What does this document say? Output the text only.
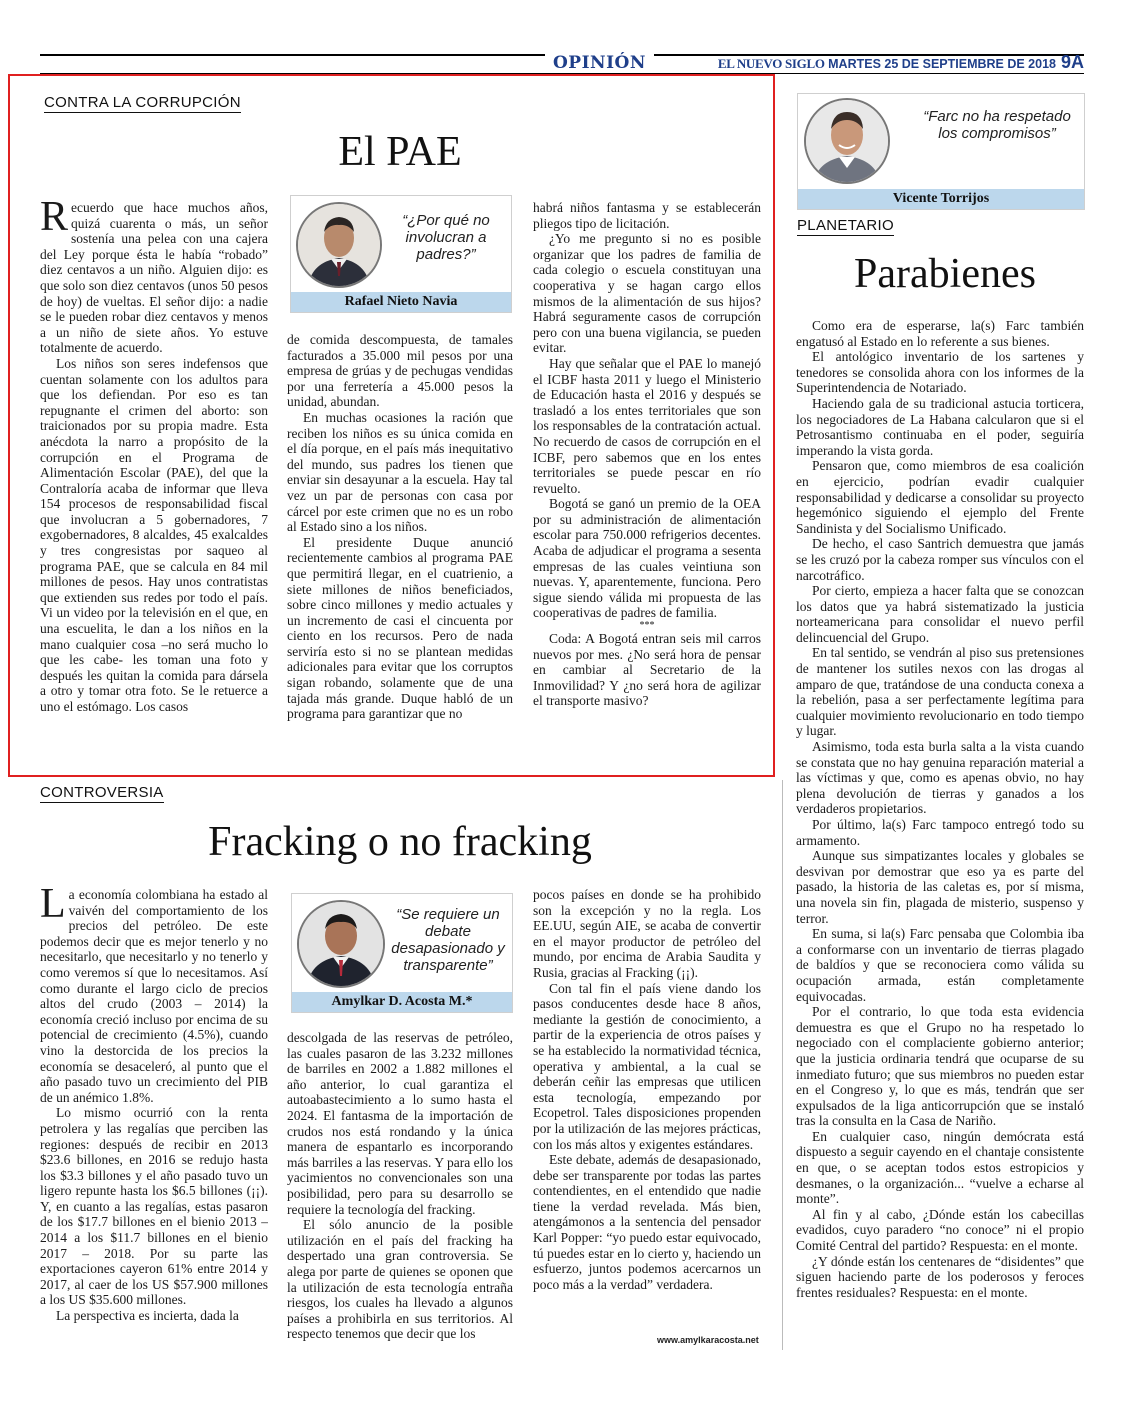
OPINIÓN	EL NUEVO SIGLO MARTES 25 DE SEPTIEMBRE DE 2018 9A
CONTRA LA CORRUPCIÓN
El PAE

Recuerdo que hace muchos años, quizá cuarenta o más, un señor sostenía una pelea con una cajera del Ley porque ésta le había “robado” diez centavos a un niño. Alguien dijo: es que solo son diez centavos (unos 50 pesos de hoy) de vueltas. El señor dijo: a nadie se le pueden robar diez centavos y menos a un niño de siete años. Yo estuve totalmente de acuerdo.

Los niños son seres indefensos que cuentan solamente con los adultos para que los defiendan. Por eso es tan repugnante el crimen del aborto: son traicionados por su propia madre. Esta anécdota la narro a propósito de la corrupción en el Programa de Alimentación Escolar (PAE), del que la Contraloría acaba de informar que lleva 154 procesos de responsabilidad fiscal que involucran a 5 gobernadores, 7 exgobernadores, 8 alcaldes, 45 exalcaldes y tres congresistas por saqueo al programa PAE, que se calcula en 84 mil millones de pesos. Hay unos contratistas que extienden sus redes por todo el país. Vi un video por la televisión en el que, en una escuelita, le dan a los niños en la mano cualquier cosa –no será mucho lo que les cabe- les toman una foto y después les quitan la comida para dársela a otro y tomar otra foto. Se le retuerce a uno el estómago. Los casos

“¿Por qué no involucran a padres?”
Rafael Nieto Navia

de comida descompuesta, de tamales facturados a 35.000 mil pesos por una empresa de grúas y de pechugas vendidas por una ferretería a 45.000 pesos la unidad, abundan.

En muchas ocasiones la ración que reciben los niños es su única comida en el día porque, en el país más inequitativo del mundo, sus padres los tienen que enviar sin desayunar a la escuela. Hay tal vez un par de personas con casa por cárcel por este crimen que no es un robo al Estado sino a los niños.

El presidente Duque anunció recientemente cambios al programa PAE que permitirá llegar, en el cuatrienio, a siete millones de niños beneficiados, sobre cinco millones y medio actuales y un incremento de casi el cincuenta por ciento en los recursos. Pero de nada serviría esto si no se plantean medidas adicionales para evitar que los corruptos sigan robando, solamente que de una tajada más grande. Duque habló de un programa para garantizar que no

habrá niños fantasma y se establecerán pliegos tipo de licitación.

¿Yo me pregunto si no es posible organizar que los padres de familia de cada colegio o escuela constituyan una cooperativa y se hagan cargo ellos mismos de la alimentación de sus hijos? Habrá seguramente casos de corrupción pero con una buena vigilancia, se pueden evitar.

Hay que señalar que el PAE lo manejó el ICBF hasta 2011 y luego el Ministerio de Educación hasta el 2016 y después se trasladó a los entes territoriales que son los responsables de la contratación actual. No recuerdo de casos de corrupción en el ICBF, pero sabemos que en los entes territoriales se puede pescar en río revuelto.

Bogotá se ganó un premio de la OEA por su administración de alimentación escolar para 750.000 refrigerios decentes. Acaba de adjudicar el programa a sesenta empresas de las cuales veintiuna son nuevas. Y, aparentemente, funciona. Pero sigue siendo válida mi propuesta de las cooperativas de padres de familia.

***

Coda: A Bogotá entran seis mil carros nuevos por mes. ¿No será hora de pensar en cambiar al Secretario de la Inmovilidad? Y ¿no será hora de agilizar el transporte masivo?

CONTROVERSIA
Fracking o no fracking

La economía colombiana ha estado al vaivén del comportamiento de los precios del petróleo. De este podemos decir que es mejor tenerlo y no necesitarlo, que necesitarlo y no tenerlo y como veremos sí que lo necesitamos. Así como durante el largo ciclo de precios altos del crudo (2003 – 2014) la economía creció incluso por encima de su potencial de crecimiento (4.5%), cuando vino la destorcida de los precios la economía se desaceleró, al punto que el año pasado tuvo un crecimiento del PIB de un anémico 1.8%.

Lo mismo ocurrió con la renta petrolera y las regalías que perciben las regiones: después de recibir en 2013 $23.6 billones, en 2016 se redujo hasta los $3.3 billones y el año pasado tuvo un ligero repunte hasta los $6.5 billones (¡¡). Y, en cuanto a las regalías, estas pasaron de los $17.7 billones en el bienio 2013 – 2014 a los $11.7 billones en el bienio 2017 – 2018. Por su parte las exportaciones cayeron 61% entre 2014 y 2017, al caer de los US $57.900 millones a los US $35.600 millones.

La perspectiva es incierta, dada la

“Se requiere un debate desapasionado y transparente”
Amylkar D. Acosta M.*

descolgada de las reservas de petróleo, las cuales pasaron de las 3.232 millones de barriles en 2002 a 1.882 millones el año anterior, lo cual garantiza el autoabastecimiento a lo sumo hasta el 2024. El fantasma de la importación de crudos nos está rondando y la única manera de espantarlo es incorporando más barriles a las reservas. Y para ello los yacimientos no convencionales son una posibilidad, pero para su desarrollo se requiere la tecnología del fracking.

El sólo anuncio de la posible utilización en el país del fracking ha despertado una gran controversia. Se alega por parte de quienes se oponen que la utilización de esta tecnología entraña riesgos, los cuales ha llevado a algunos países a prohibirla en sus territorios. Al respecto tenemos que decir que los

pocos países en donde se ha prohibido son la excepción y no la regla. Los EE.UU, según AIE, se acaba de convertir en el mayor productor de petróleo del mundo, por encima de Arabia Saudita y Rusia, gracias al Fracking (¡¡).

Con tal fin el país viene dando los pasos conducentes desde hace 8 años, mediante la gestión de conocimiento, a partir de la experiencia de otros países y se ha establecido la normatividad técnica, operativa y ambiental, a la cual se deberán ceñir las empresas que utilicen esta tecnología, empezando por Ecopetrol. Tales disposiciones propenden por la utilización de las mejores prácticas, con los más altos y exigentes estándares.

Este debate, además de desapasionado, debe ser transparente por todas las partes contendientes, en el entendido que nadie tiene la verdad revelada. Más bien, atengámonos a la sentencia del pensador Karl Popper: “yo puedo estar equivocado, tú puedes estar en lo cierto y, haciendo un esfuerzo, juntos podemos acercarnos un poco más a la verdad” verdadera.

www.amylkaracosta.net
“Farc no ha respetado los compromisos”
Vicente Torrijos
PLANETARIO
Parabienes

Como era de esperarse, la(s) Farc también engatusó al Estado en lo referente a sus bienes.

El antológico inventario de los sartenes y tenedores se consolida ahora con los informes de la Superintendencia de Notariado.

Haciendo gala de su tradicional astucia torticera, los negociadores de La Habana calcularon que si el Petrosantismo continuaba en el poder, seguiría imperando la vista gorda.

Pensaron que, como miembros de esa coalición en ejercicio, podrían evadir cualquier responsabilidad y dedicarse a consolidar su proyecto hegemónico siguiendo el ejemplo del Frente Sandinista y del Socialismo Unificado.

De hecho, el caso Santrich demuestra que jamás se les cruzó por la cabeza romper sus vínculos con el narcotráfico.

Por cierto, empieza a hacer falta que se conozcan los datos que ya habrá sistematizado la justicia norteamericana para consolidar el nuevo perfil delincuencial del Grupo.

En tal sentido, se vendrán al piso sus pretensiones de mantener los sutiles nexos con las drogas al amparo de que, tratándose de una conducta conexa a la rebelión, pasa a ser perfectamente legítima para cualquier movimiento revolucionario en todo tiempo y lugar.

Asimismo, toda esta burla salta a la vista cuando se constata que no hay genuina reparación material a las víctimas y que, como es apenas obvio, no hay plena devolución de tierras y ganados a los verdaderos propietarios.

Por último, la(s) Farc tampoco entregó todo su armamento.

Aunque sus simpatizantes locales y globales se desvivan por demostrar que eso ya es parte del pasado, la historia de las caletas es, por sí misma, una novela sin fin, plagada de misterio, suspenso y terror.

En suma, si la(s) Farc pensaba que Colombia iba a conformarse con un inventario de tierras plagado de baldíos y que se reconociera como válida su ocupación armada, están completamente equivocadas.

Por el contrario, lo que toda esta evidencia demuestra es que el Grupo no ha respetado lo negociado con el complaciente gobierno anterior; que la justicia ordinaria tendrá que ocuparse de su inmediato futuro; que sus miembros no pueden estar en el Congreso y, lo que es más, tendrán que ser expulsados de la liga anticorrupción que se instaló tras la consulta en la Casa de Nariño.

En cualquier caso, ningún demócrata está dispuesto a seguir cayendo en el chantaje consistente en que, o se aceptan todos estos estropicios y desmanes, o la organización... “vuelve a echarse al monte”.

Al fin y al cabo, ¿Dónde están los cabecillas evadidos, cuyo paradero “no conoce” ni el propio Comité Central del partido? Respuesta: en el monte.

¿Y dónde están los centenares de “disidentes” que siguen haciendo parte de los poderosos y feroces frentes residuales? Respuesta: en el monte.
